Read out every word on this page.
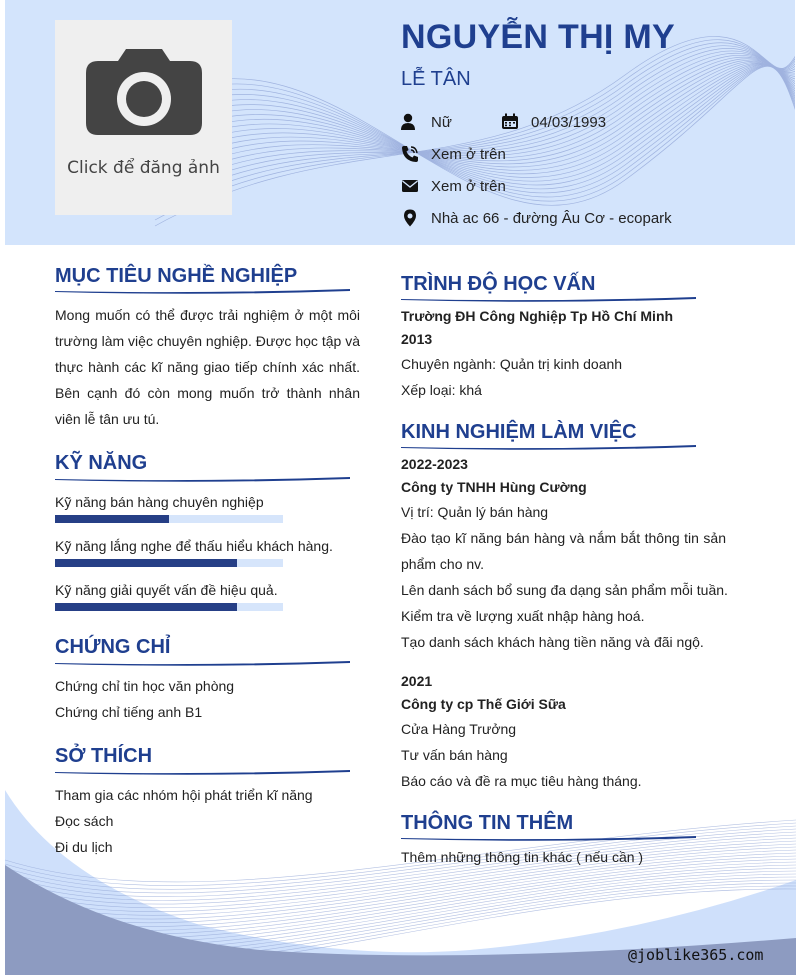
Click để đăng ảnh
NGUYỄN THỊ MY
LỄ TÂN
Nữ	04/03/1993
Xem ở trên
Xem ở trên
Nhà ac 66 - đường Âu Cơ - ecopark
MỤC TIÊU NGHỀ NGHIỆP
Mong muốn có thể được trải nghiệm ở một môi trường làm việc chuyên nghiệp. Được học tập và thực hành các kĩ năng giao tiếp chính xác nhất. Bên cạnh đó còn mong muốn trở thành nhân viên lễ tân ưu tú.
KỸ NĂNG
Kỹ năng bán hàng chuyên nghiệp
Kỹ năng lắng nghe để thấu hiểu khách hàng.
Kỹ năng giải quyết vấn đề hiệu quả.
CHỨNG CHỈ
Chứng chỉ tin học văn phòng
Chứng chỉ tiếng anh B1
SỞ THÍCH
Tham gia các nhóm hội phát triển kĩ năng
Đọc sách
Đi du lịch
TRÌNH ĐỘ HỌC VẤN
Trường ĐH Công Nghiệp Tp Hồ Chí Minh
2013
Chuyên ngành: Quản trị kinh doanh
Xếp loại: khá
KINH NGHIỆM LÀM VIỆC
2022-2023
Công ty TNHH Hùng Cường
Vị trí: Quản lý bán hàng
Đào tạo kĩ năng bán hàng và nắm bắt thông tin sản phẩm cho nv.
Lên danh sách bổ sung đa dạng sản phẩm mỗi tuần.
Kiểm tra về lượng xuất nhập hàng hoá.
Tạo danh sách khách hàng tiền năng và đãi ngộ.
2021
Công ty cp Thế Giới Sữa
Cửa Hàng Trưởng
Tư vấn bán hàng
Báo cáo và đề ra mục tiêu hàng tháng.
THÔNG TIN THÊM
Thêm những thông tin khác ( nếu cần )
@joblike365.com
